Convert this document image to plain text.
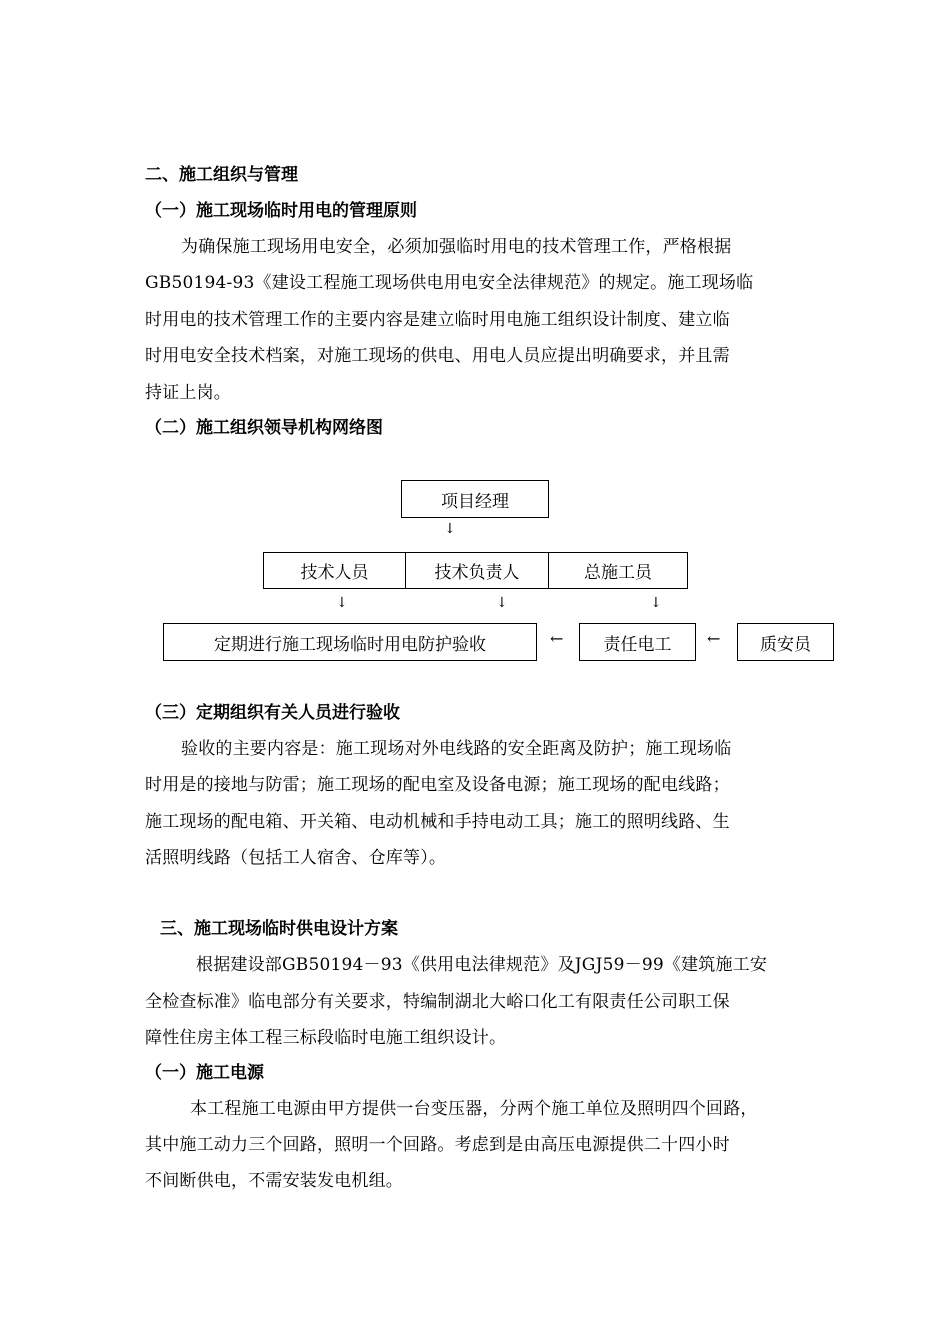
二、施工组织与管理
（一）施工现场临时用电的管理原则
为确保施工现场用电安全，必须加强临时用电的技术管理工作，严格根据
GB50194-93《建设工程施工现场供电用电安全法律规范》的规定。施工现场临
时用电的技术管理工作的主要内容是建立临时用电施工组织设计制度、建立临
时用电安全技术档案，对施工现场的供电、用电人员应提出明确要求，并且需
持证上岗。
（二）施工组织领导机构网络图
项目经理
↓
技术人员	技术负责人	总施工员
↓	↓	↓
定期进行施工现场临时用电防护验收	←	责任电工	←	质安员
（三）定期组织有关人员进行验收
验收的主要内容是：施工现场对外电线路的安全距离及防护；施工现场临
时用是的接地与防雷；施工现场的配电室及设备电源；施工现场的配电线路；
施工现场的配电箱、开关箱、电动机械和手持电动工具；施工的照明线路、生
活照明线路（包括工人宿舍、仓库等）。
三、施工现场临时供电设计方案
根据建设部GB50194－93《供用电法律规范》及JGJ59－99《建筑施工安
全检查标准》临电部分有关要求，特编制湖北大峪口化工有限责任公司职工保
障性住房主体工程三标段临时电施工组织设计。
（一）施工电源
本工程施工电源由甲方提供一台变压器，分两个施工单位及照明四个回路，
其中施工动力三个回路，照明一个回路。考虑到是由高压电源提供二十四小时
不间断供电，不需安装发电机组。
